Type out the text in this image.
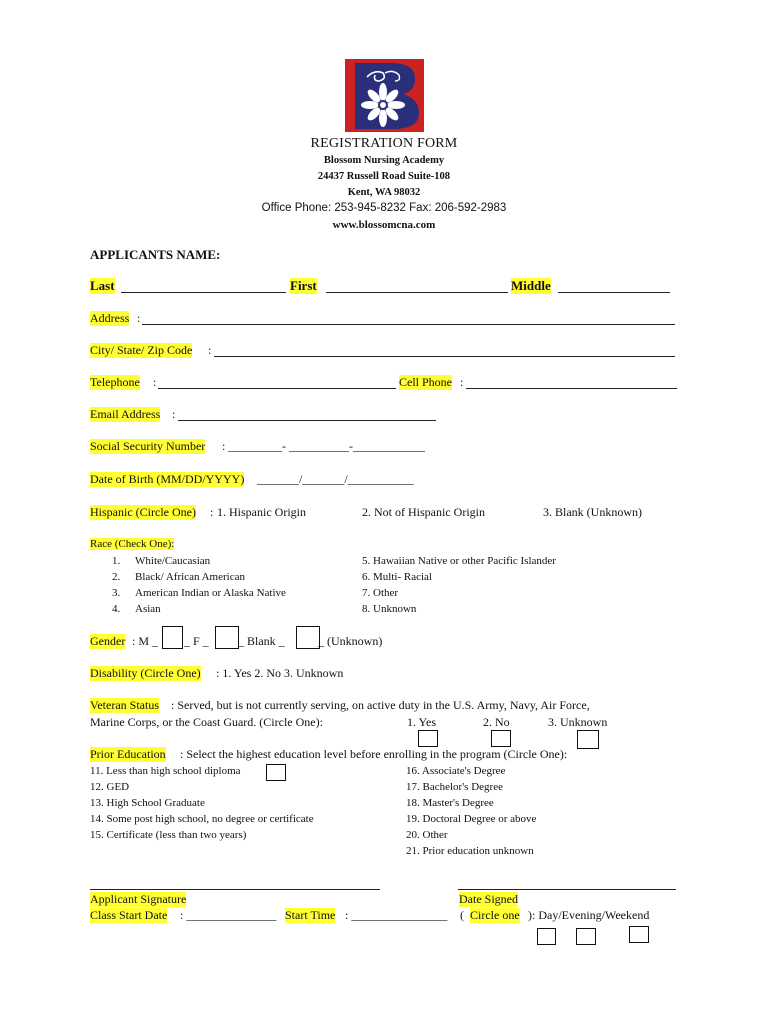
REGISTRATION FORM
Blossom Nursing Academy
24437 Russell Road Suite-108
Kent, WA 98032
Office Phone: 253-945-8232 Fax: 206-592-2983
www.blossomcna.com
APPLICANTS NAME:
Last	First	Middle
Address :
City/ State/ Zip Code :
Telephone :	Cell Phone :
Email Address :
Social Security Number : _________- __________-____________
Date of Birth (MM/DD/YYYY) _______/_______/___________
Hispanic (Circle One) : 1. Hispanic Origin	2. Not of Hispanic Origin	3. Blank (Unknown)
Race (Check One):
1. White/Caucasian
2. Black/ African American
3. American Indian or Alaska Native
4. Asian
5. Hawaiian Native or other Pacific Islander
6. Multi- Racial
7. Other
8. Unknown
Gender : M _ _ F _ _ Blank _	_ (Unknown)
Disability (Circle One) : 1. Yes 2. No 3. Unknown
Veteran Status : Served, but is not currently serving, on active duty in the U.S. Army, Navy, Air Force,
Marine Corps, or the Coast Guard. (Circle One):	1. Yes	2. No	3. Unknown
Prior Education : Select the highest education level before enrolling in the program (Circle One):
11. Less than high school diploma
12. GED
13. High School Graduate
14. Some post high school, no degree or certificate
15. Certificate (less than two years)
16. Associate's Degree
17. Bachelor's Degree
18. Master's Degree
19. Doctoral Degree or above
20. Other
21. Prior education unknown
Applicant Signature	Date Signed
Class Start Date : _______________ Start Time : ________________ ( Circle one ): Day/Evening/Weekend
